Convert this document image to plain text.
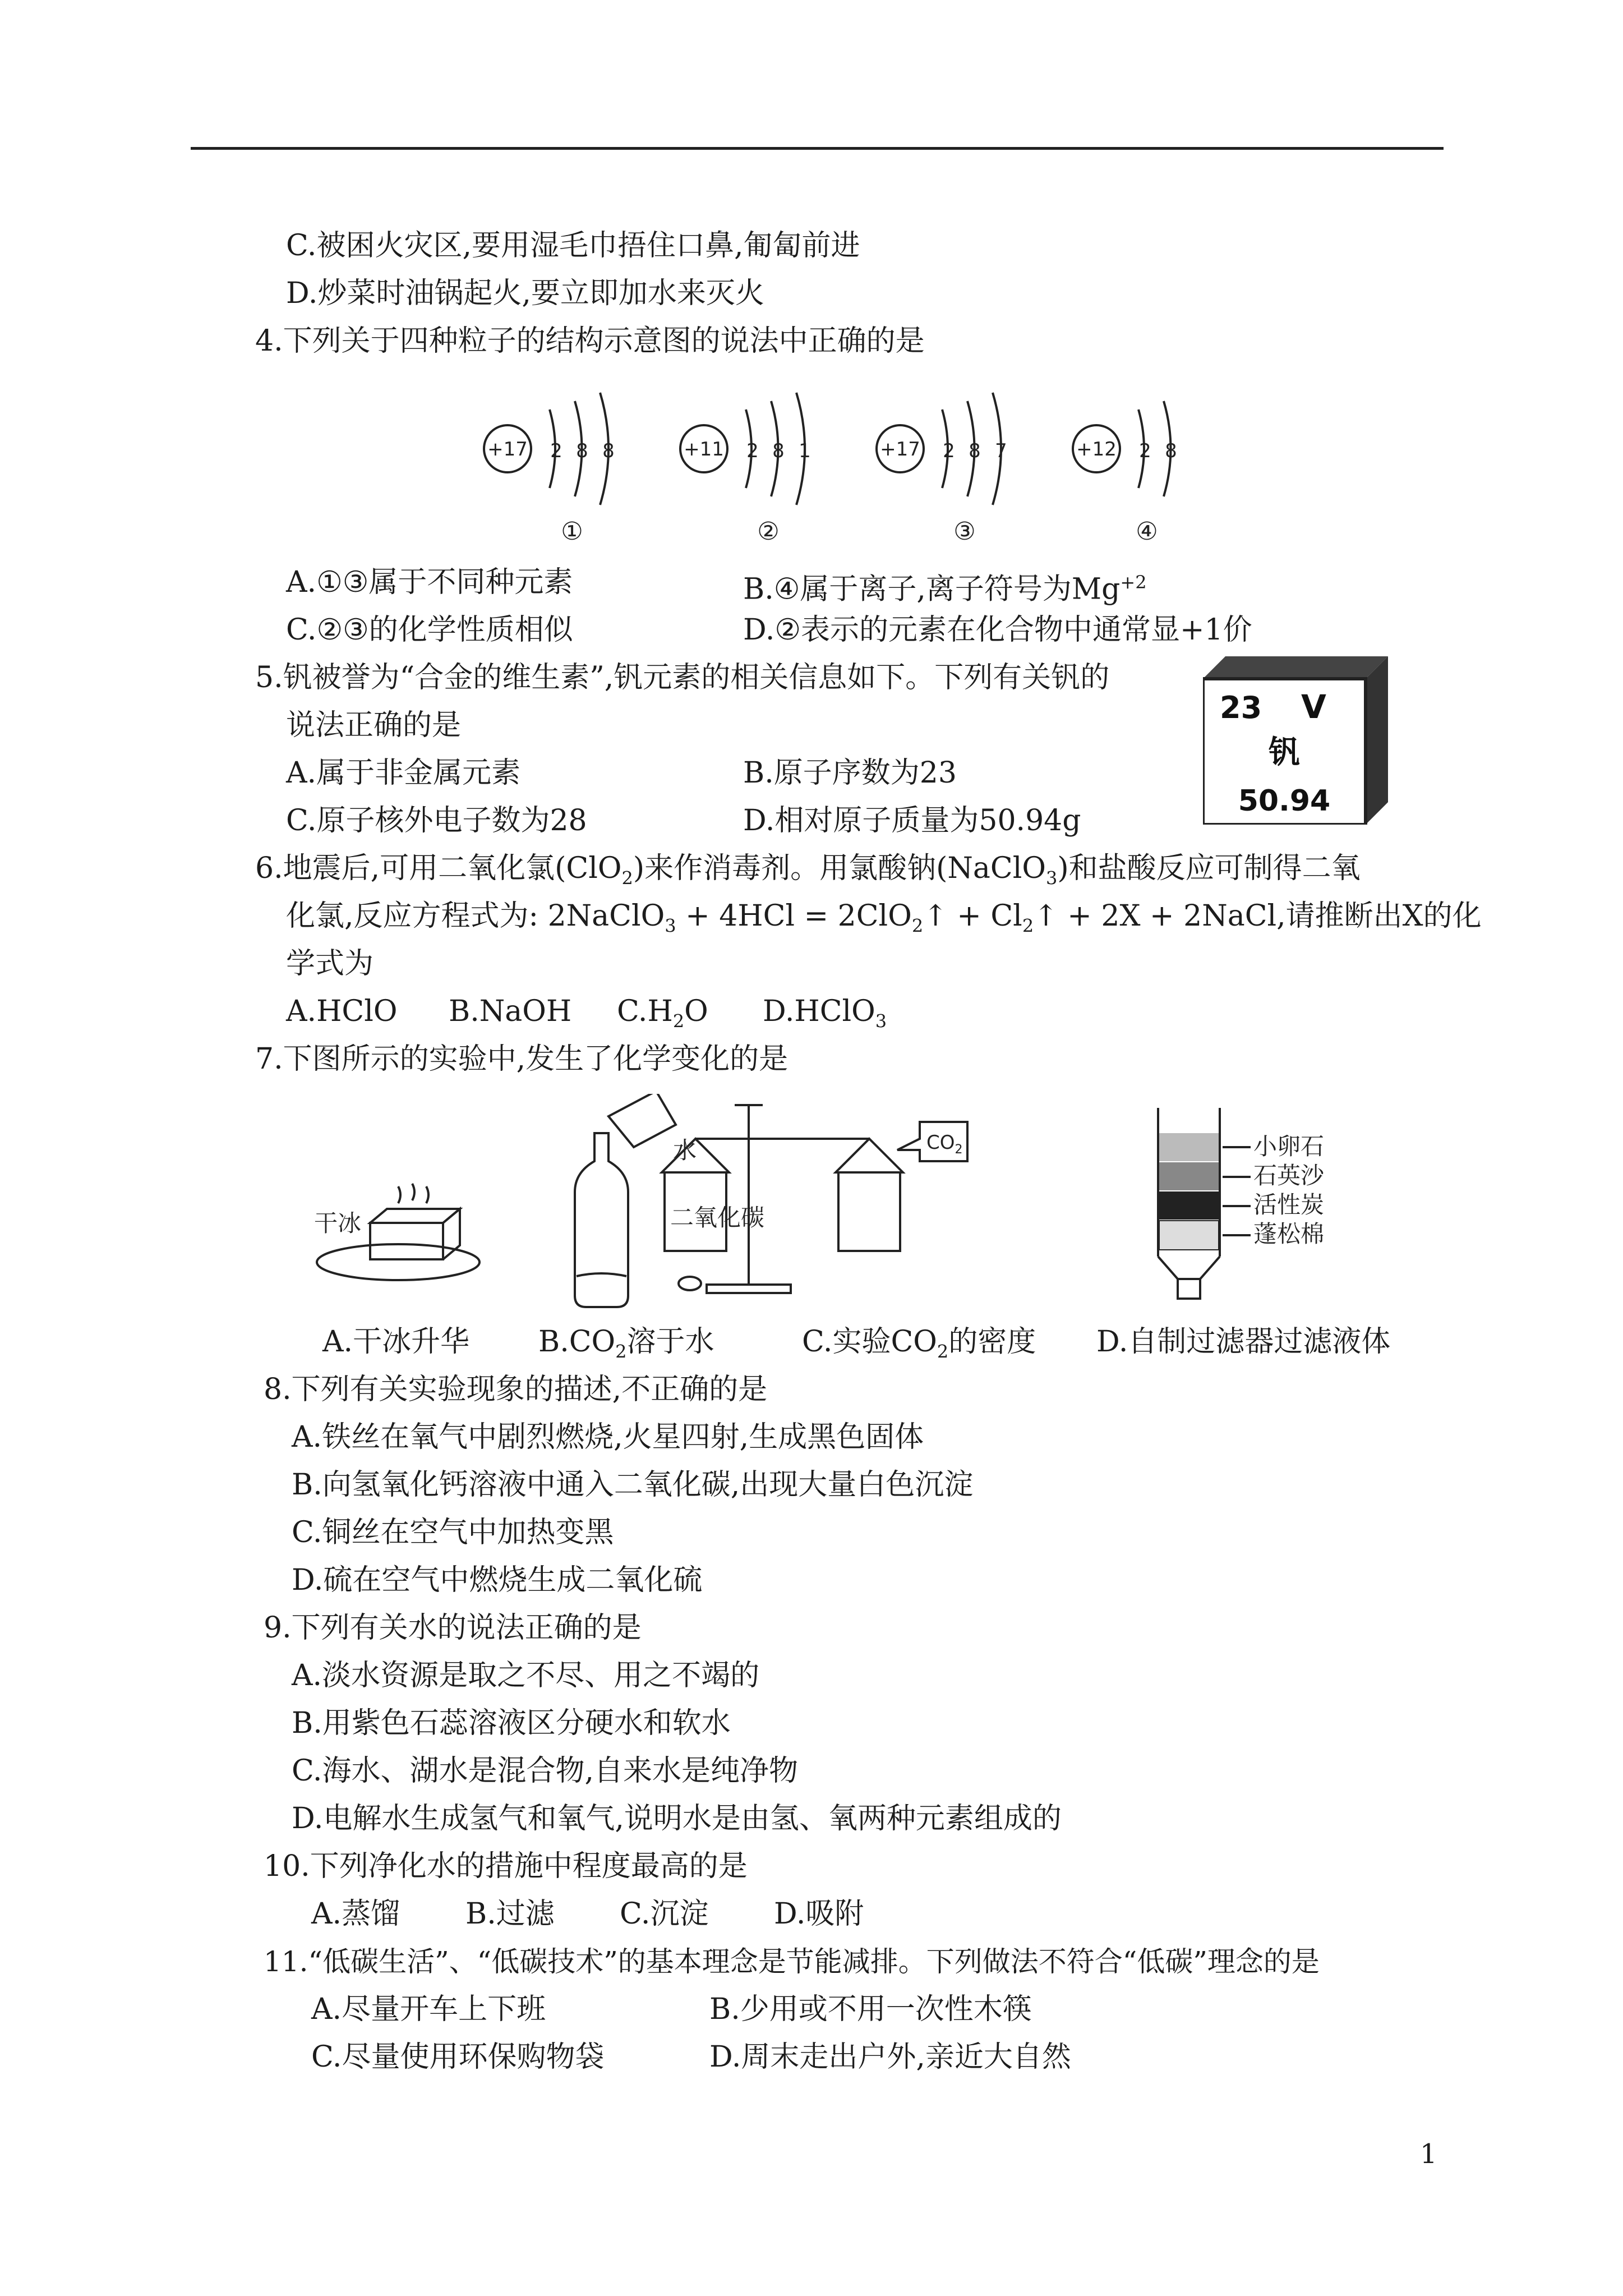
C.被困火灾区,要用湿毛巾捂住口鼻,匍匐前进
D.炒菜时油锅起火,要立即加水来灭火
4.下列关于四种粒子的结构示意图的说法中正确的是
+17 2 8 8	+11 2 8 1	+17 2 8 7	+12 2 8
①	②	③	④
A.①③属于不同种元素	B.④属于离子,离子符号为$Mg^{+2}$
C.②③的化学性质相似	D.②表示的元素在化合物中通常显+1价
5.钒被誉为“合金的维生素”,钒元素的相关信息如下。下列有关钒的
说法正确的是
A.属于非金属元素	B.原子序数为23
C.原子核外电子数为28	D.相对原子质量为50.94g
23 V
钒
50.94
6.地震后,可用二氧化氯(ClO$_2$)来作消毒剂。用氯酸钠(NaClO$_3$)和盐酸反应可制得二氧
化氯,反应方程式为: 2NaClO$_3$ + 4HCl = 2ClO$_2$↑ + $Cl_2↑ + 2X$ + 2NaCl,请推断出X的化
学式为
A.HClO B.NaOH $C.H_2O$ D.HClO$_3$
7.下图所示的实验中,发生了化学变化的是
干冰
水
二氧化碳
$CO_2$	小卵石
石英沙
活性炭
蓬松棉
A.干冰升华 $B.CO_2$溶于水	C.实验$CO_2$的密度 D.自制过滤器过滤液体
8.下列有关实验现象的描述,不正确的是
A.铁丝在氧气中剧烈燃烧,火星四射,生成黑色固体
B.向氢氧化钙溶液中通入二氧化碳,出现大量白色沉淀
C.铜丝在空气中加热变黑
D.硫在空气中燃烧生成二氧化硫
9.下列有关水的说法正确的是
A.淡水资源是取之不尽、用之不竭的
B.用紫色石蕊溶液区分硬水和软水
C.海水、湖水是混合物,自来水是纯净物
D.电解水生成氢气和氧气,说明水是由氢、氧两种元素组成的
10.下列净化水的措施中程度最高的是
A.蒸馏 B.过滤 C.沉淀 D.吸附
11.“低碳生活”、“低碳技术”的基本理念是节能减排。下列做法不符合“低碳”理念的是
A.尽量开车上下班	B.少用或不用一次性木筷
C.尽量使用环保购物袋	D.周末走出户外,亲近大自然
1
